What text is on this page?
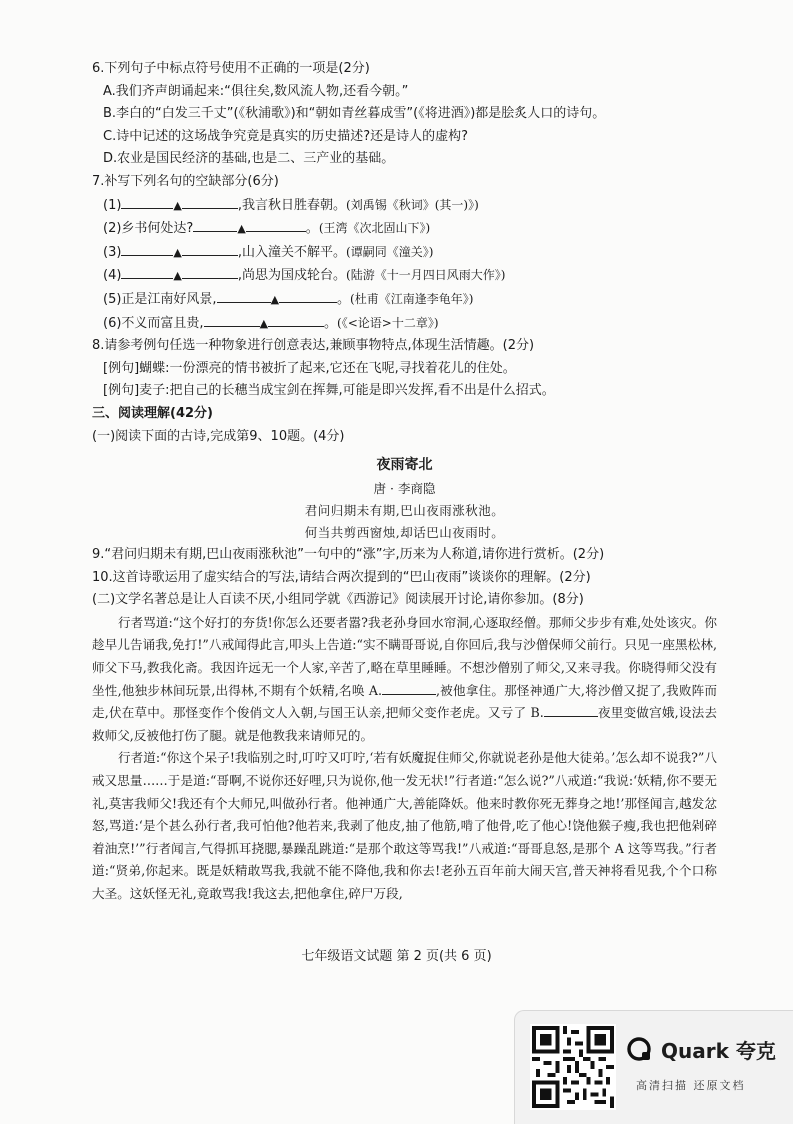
6.下列句子中标点符号使用不正确的一项是(2分)
A.我们齐声朗诵起来:“俱往矣,数风流人物,还看今朝。”
B.李白的“白发三千丈”(《秋浦歌》)和“朝如青丝暮成雪”(《将进酒》)都是脍炙人口的诗句。
C.诗中记述的这场战争究竟是真实的历史描述?还是诗人的虚构?
D.农业是国民经济的基础,也是二、三产业的基础。
7.补写下列名句的空缺部分(6分)
(1)	▲	,我言秋日胜春朝。(刘禹锡《秋词》(其一)》)
(2)乡书何处达?	▲	。(王湾《次北固山下》)
(3)	▲	,山入潼关不解平。(谭嗣同《潼关》)
(4)	▲	,尚思为国戍轮台。(陆游《十一月四日风雨大作》)
(5)正是江南好风景,	▲	。(杜甫《江南逢李龟年》)
(6)不义而富且贵,	▲	。(《<论语>十二章》)
8.请参考例句任选一种物象进行创意表达,兼顾事物特点,体现生活情趣。(2分)
[例句]蝴蝶:一份漂亮的情书被折了起来,它还在飞呢,寻找着花儿的住处。
[例句]麦子:把自己的长穗当成宝剑在挥舞,可能是即兴发挥,看不出是什么招式。
三、阅读理解(42分)
(一)阅读下面的古诗,完成第9、10题。(4分)
夜雨寄北
唐 · 李商隐
君问归期未有期,巴山夜雨涨秋池。
何当共剪西窗烛,却话巴山夜雨时。
9.“君问归期未有期,巴山夜雨涨秋池”一句中的“涨”字,历来为人称道,请你进行赏析。(2分)
10.这首诗歌运用了虚实结合的写法,请结合两次提到的“巴山夜雨”谈谈你的理解。(2分)
(二)文学名著总是让人百读不厌,小组同学就《西游记》阅读展开讨论,请你参加。(8分)
行者骂道:“这个好打的夯货!你怎么还要者嚣?我老孙身回水帘洞,心逐取经僧。那师父步步有难,处处该灾。你趁早儿告诵我,免打!”八戒闻得此言,叩头上告道:“实不瞒哥哥说,自你回后,我与沙僧保师父前行。只见一座黑松林,师父下马,教我化斋。我因许远无一个人家,辛苦了,略在草里睡睡。不想沙僧别了师父,又来寻我。你晓得师父没有坐性,他独步林间玩景,出得林,不期有个妖精,名唤 A.	,被他拿住。那怪神通广大,将沙僧又捉了,我败阵而走,伏在草中。那怪变作个俊俏文人入朝,与国王认亲,把师父变作老虎。又亏了 B.	夜里变做宫娥,设法去救师父,反被他打伤了腿。就是他教我来请师兄的。
行者道:“你这个呆子!我临别之时,叮咛又叮咛,‘若有妖魔捉住师父,你就说老孙是他大徒弟。’怎么却不说我?”八戒又思量……于是道:“哥啊,不说你还好哩,只为说你,他一发无状!”行者道:“怎么说?”八戒道:“我说:‘妖精,你不要无礼,莫害我师父!我还有个大师兄,叫做孙行者。他神通广大,善能降妖。他来时教你死无葬身之地!’那怪闻言,越发忿怒,骂道:‘是个甚么孙行者,我可怕他?他若来,我剥了他皮,抽了他筋,啃了他骨,吃了他心!饶他猴子瘦,我也把他剁碎着油烹!’”行者闻言,气得抓耳挠腮,暴躁乱跳道:“是那个敢这等骂我!”八戒道:“哥哥息怒,是那个 A 这等骂我。”行者道:“贤弟,你起来。既是妖精敢骂我,我就不能不降他,我和你去!老孙五百年前大闹天宫,普天神将看见我,个个口称大圣。这妖怪无礼,竟敢骂我!我这去,把他拿住,碎尸万段,
七年级语文试题 第 2 页(共 6 页)
Quark 夸克
高清扫描 还原文档
